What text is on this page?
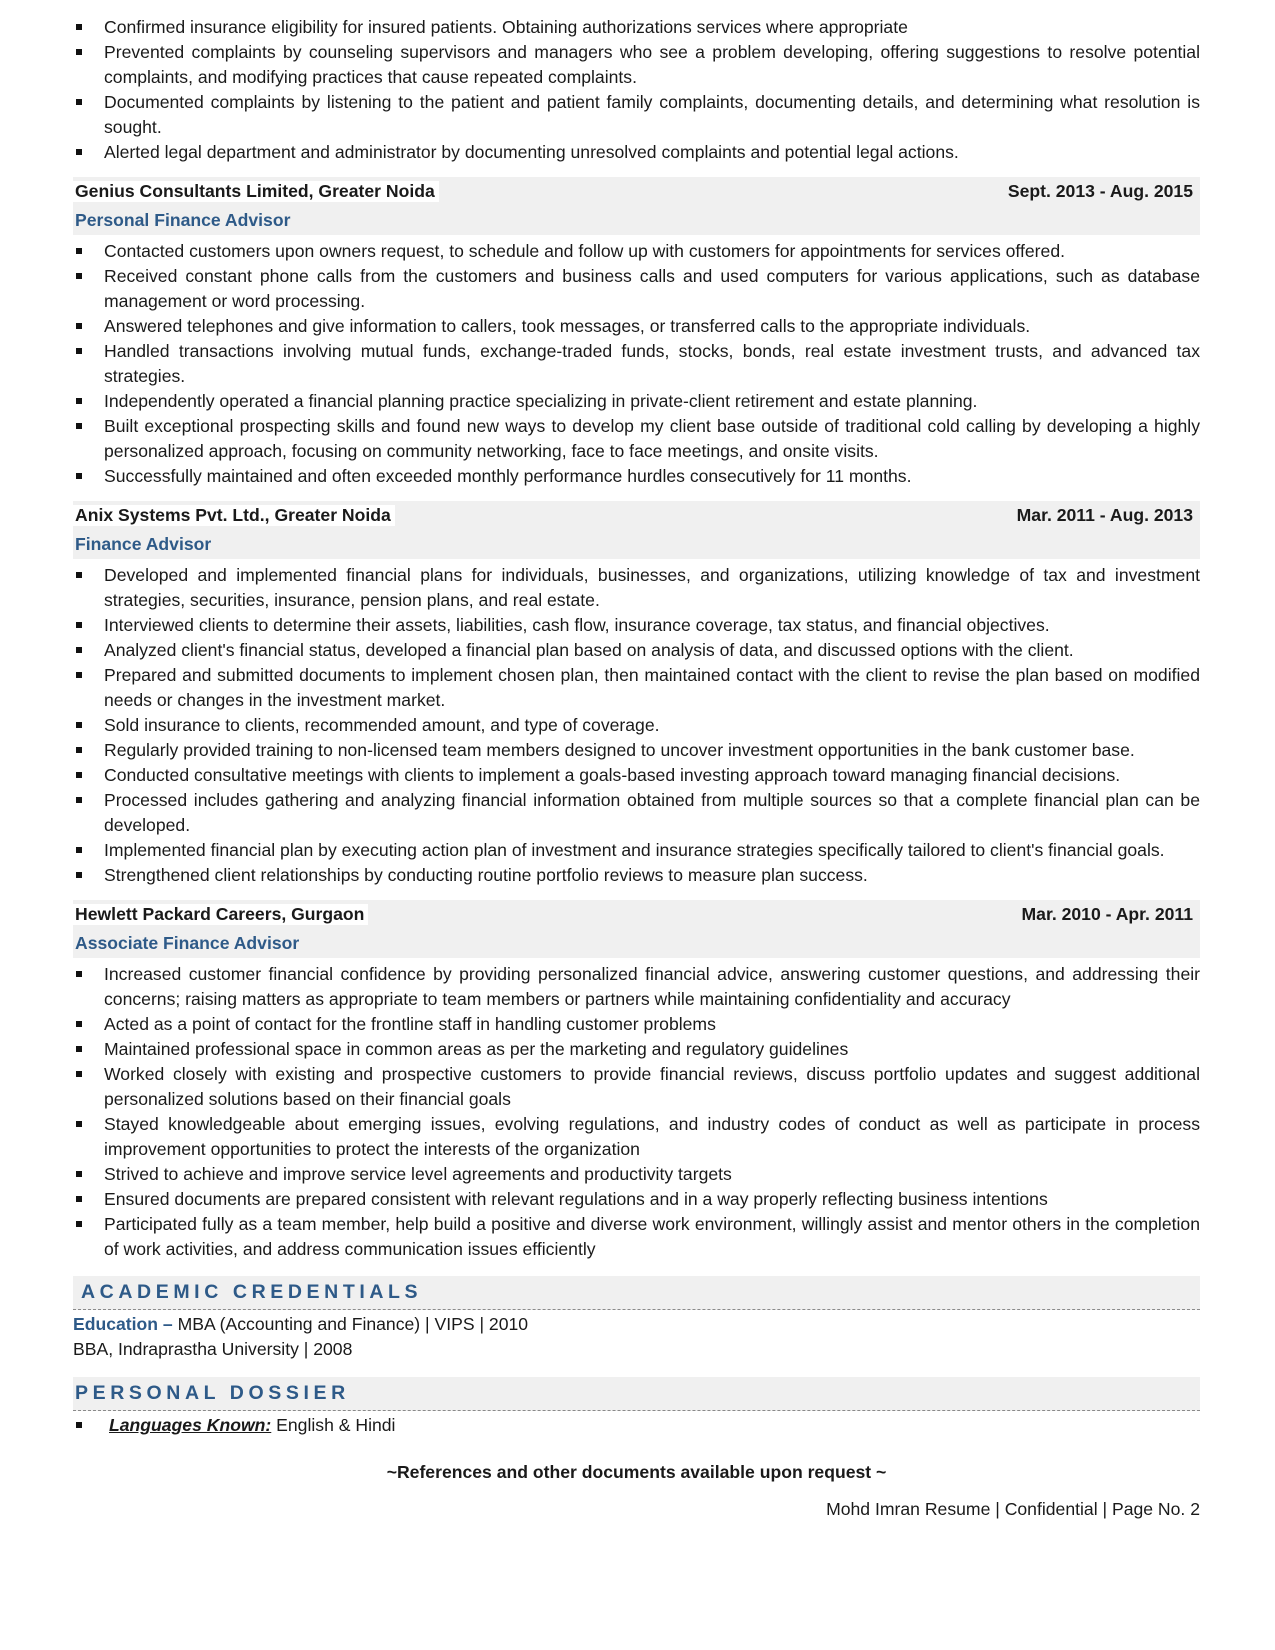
Confirmed insurance eligibility for insured patients. Obtaining authorizations services where appropriate
Prevented complaints by counseling supervisors and managers who see a problem developing, offering suggestions to resolve potential complaints, and modifying practices that cause repeated complaints.
Documented complaints by listening to the patient and patient family complaints, documenting details, and determining what resolution is sought.
Alerted legal department and administrator by documenting unresolved complaints and potential legal actions.
Genius Consultants Limited, Greater Noida	Sept. 2013 - Aug. 2015
Personal Finance Advisor
Contacted customers upon owners request, to schedule and follow up with customers for appointments for services offered.
Received constant phone calls from the customers and business calls and used computers for various applications, such as database management or word processing.
Answered telephones and give information to callers, took messages, or transferred calls to the appropriate individuals.
Handled transactions involving mutual funds, exchange-traded funds, stocks, bonds, real estate investment trusts, and advanced tax strategies.
Independently operated a financial planning practice specializing in private-client retirement and estate planning.
Built exceptional prospecting skills and found new ways to develop my client base outside of traditional cold calling by developing a highly personalized approach, focusing on community networking, face to face meetings, and onsite visits.
Successfully maintained and often exceeded monthly performance hurdles consecutively for 11 months.
Anix Systems Pvt. Ltd., Greater Noida	Mar. 2011 - Aug. 2013
Finance Advisor
Developed and implemented financial plans for individuals, businesses, and organizations, utilizing knowledge of tax and investment strategies, securities, insurance, pension plans, and real estate.
Interviewed clients to determine their assets, liabilities, cash flow, insurance coverage, tax status, and financial objectives.
Analyzed client's financial status, developed a financial plan based on analysis of data, and discussed options with the client.
Prepared and submitted documents to implement chosen plan, then maintained contact with the client to revise the plan based on modified needs or changes in the investment market.
Sold insurance to clients, recommended amount, and type of coverage.
Regularly provided training to non-licensed team members designed to uncover investment opportunities in the bank customer base.
Conducted consultative meetings with clients to implement a goals-based investing approach toward managing financial decisions.
Processed includes gathering and analyzing financial information obtained from multiple sources so that a complete financial plan can be developed.
Implemented financial plan by executing action plan of investment and insurance strategies specifically tailored to client's financial goals.
Strengthened client relationships by conducting routine portfolio reviews to measure plan success.
Hewlett Packard Careers, Gurgaon	Mar. 2010 - Apr. 2011
Associate Finance Advisor
Increased customer financial confidence by providing personalized financial advice, answering customer questions, and addressing their concerns; raising matters as appropriate to team members or partners while maintaining confidentiality and accuracy
Acted as a point of contact for the frontline staff in handling customer problems
Maintained professional space in common areas as per the marketing and regulatory guidelines
Worked closely with existing and prospective customers to provide financial reviews, discuss portfolio updates and suggest additional personalized solutions based on their financial goals
Stayed knowledgeable about emerging issues, evolving regulations, and industry codes of conduct as well as participate in process improvement opportunities to protect the interests of the organization
Strived to achieve and improve service level agreements and productivity targets
Ensured documents are prepared consistent with relevant regulations and in a way properly reflecting business intentions
Participated fully as a team member, help build a positive and diverse work environment, willingly assist and mentor others in the completion of work activities, and address communication issues efficiently
ACADEMIC CREDENTIALS
Education – MBA (Accounting and Finance) | VIPS | 2010
BBA, Indraprastha University | 2008
PERSONAL DOSSIER
Languages Known: English & Hindi
~References and other documents available upon request ~
Mohd Imran Resume | Confidential | Page No. 2
